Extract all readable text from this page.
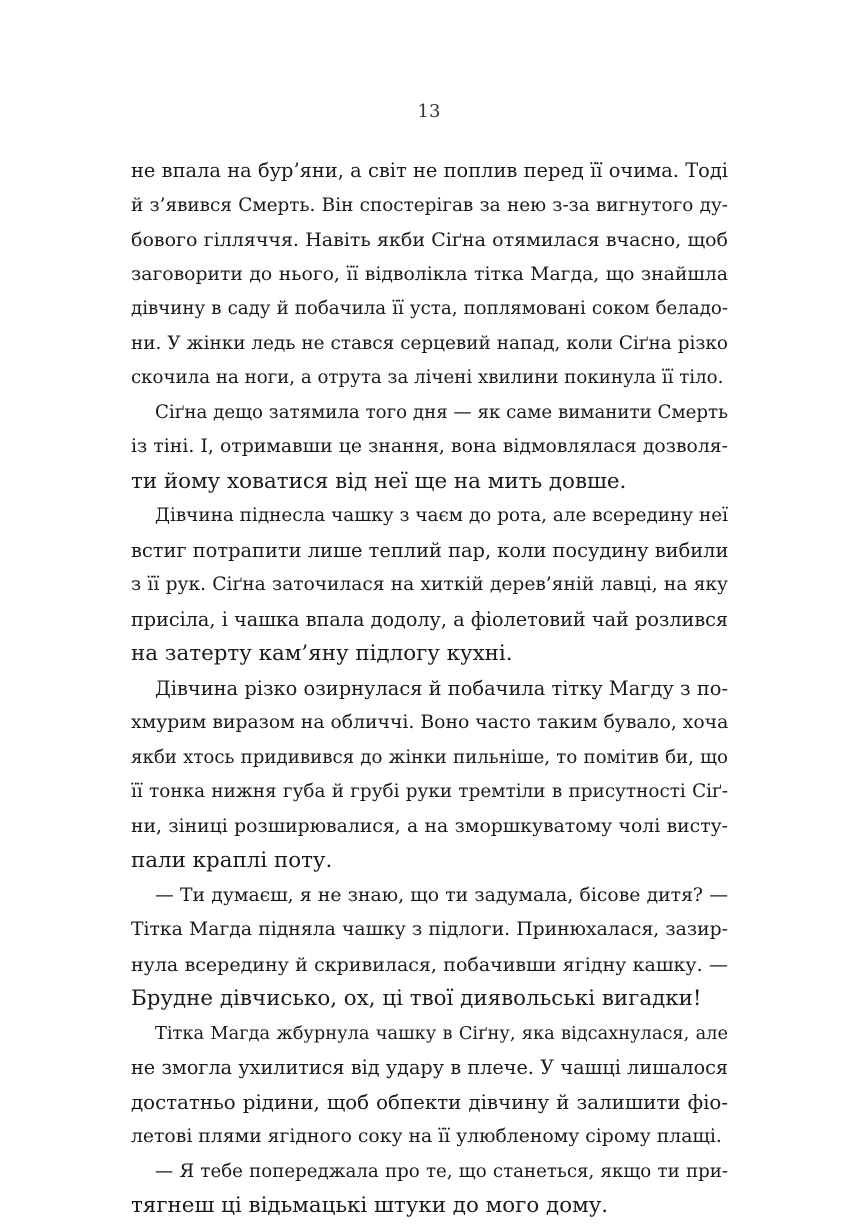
13
не впала на бур’яни, а світ не поплив перед її очима. Тоді
й з’явився Смерть. Він спостерігав за нею з-за вигнутого ду-
бового гілляччя. Навіть якби Сіґна отямилася вчасно, щоб
заговорити до нього, її відволікла тітка Магда, що знайшла
дівчину в саду й побачила її уста, поплямовані соком беладо-
ни. У жінки ледь не стався серцевий напад, коли Сіґна різко
скочила на ноги, а отрута за лічені хвилини покинула її тіло.
Сіґна дещо затямила того дня — як саме виманити Смерть
із тіні. І, отримавши це знання, вона відмовлялася дозволя-
ти йому ховатися від неї ще на мить довше.
Дівчина піднесла чашку з чаєм до рота, але всередину неї
встиг потрапити лише теплий пар, коли посудину вибили
з її рук. Сіґна заточилася на хиткій дерев’яній лавці, на яку
присіла, і чашка впала додолу, а фіолетовий чай розлився
на затерту кам’яну підлогу кухні.
Дівчина різко озирнулася й побачила тітку Магду з по-
хмурим виразом на обличчі. Воно часто таким бувало, хоча
якби хтось придивився до жінки пильніше, то помітив би, що
її тонка нижня губа й грубі руки тремтіли в присутності Сіґ-
ни, зіниці розширювалися, а на зморшкуватому чолі висту-
пали краплі поту.
— Ти думаєш, я не знаю, що ти задумала, бісове дитя? —
Тітка Магда підняла чашку з підлоги. Принюхалася, зазир-
нула всередину й скривилася, побачивши ягідну кашку. —
Брудне дівчисько, ох, ці твої диявольські вигадки!
Тітка Магда жбурнула чашку в Сіґну, яка відсахнулася, але
не змогла ухилитися від удару в плече. У чашці лишалося
достатньо рідини, щоб обпекти дівчину й залишити фіо-
летові плями ягідного соку на її улюбленому сірому плащі.
— Я тебе попереджала про те, що станеться, якщо ти при-
тягнеш ці відьмацькі штуки до мого дому.
